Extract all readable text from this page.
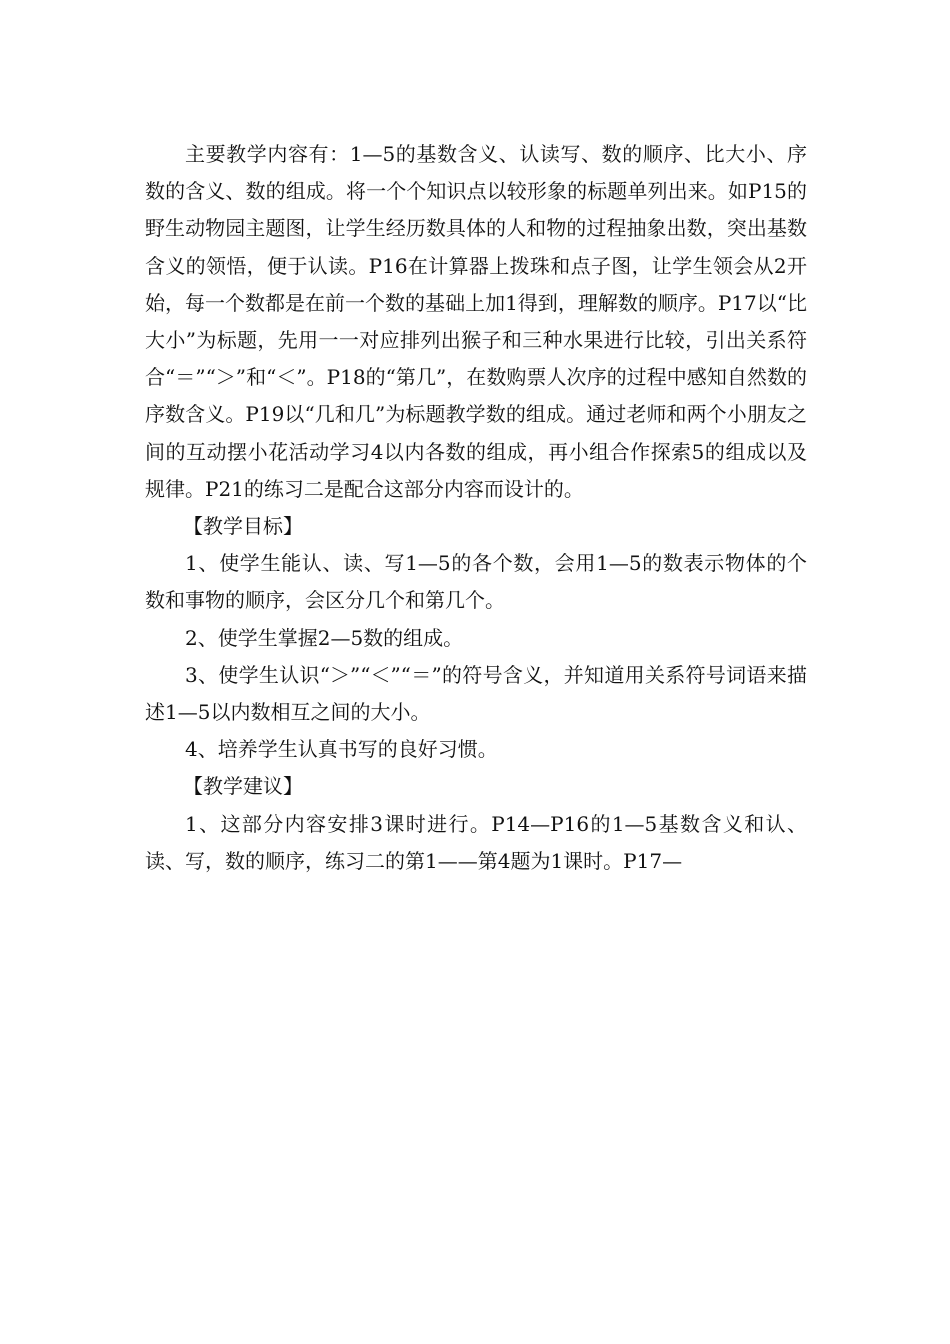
主要教学内容有：1—5的基数含义、认读写、数的顺序、比大小、序数的含义、数的组成。将一个个知识点以较形象的标题单列出来。如P15的野生动物园主题图，让学生经历数具体的人和物的过程抽象出数，突出基数含义的领悟，便于认读。P16在计算器上拨珠和点子图，让学生领会从2开始，每一个数都是在前一个数的基础上加1得到，理解数的顺序。P17以“比大小”为标题，先用一一对应排列出猴子和三种水果进行比较，引出关系符合“＝”“＞”和“＜”。P18的“第几”，在数购票人次序的过程中感知自然数的序数含义。P19以“几和几”为标题教学数的组成。通过老师和两个小朋友之间的互动摆小花活动学习4以内各数的组成，再小组合作探索5的组成以及规律。P21的练习二是配合这部分内容而设计的。

【教学目标】

1、使学生能认、读、写1—5的各个数，会用1—5的数表示物体的个数和事物的顺序，会区分几个和第几个。

2、使学生掌握2—5数的组成。

3、使学生认识“＞”“＜”“＝”的符号含义，并知道用关系符号词语来描述1—5以内数相互之间的大小。

4、培养学生认真书写的良好习惯。

【教学建议】

1、这部分内容安排3课时进行。P14—P16的1—5基数含义和认、读、写，数的顺序，练习二的第1——第4题为1课时。P17—
